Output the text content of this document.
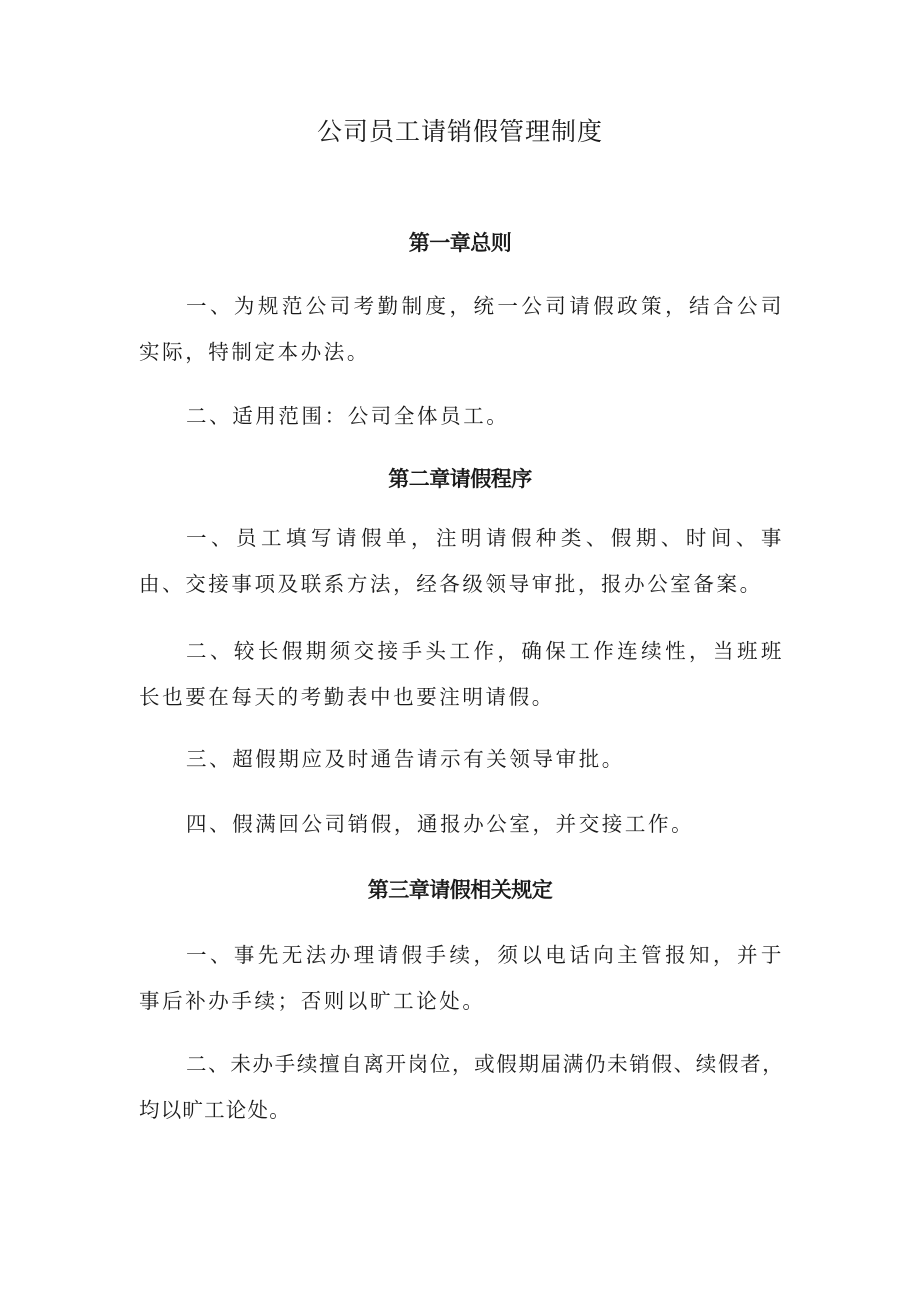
公司员工请销假管理制度
第一章总则

一、为规范公司考勤制度，统一公司请假政策，结合公司实际，特制定本办法。

二、适用范围：公司全体员工。

第二章请假程序

一、员工填写请假单，注明请假种类、假期、时间、事由、交接事项及联系方法，经各级领导审批，报办公室备案。

二、较长假期须交接手头工作，确保工作连续性，当班班长也要在每天的考勤表中也要注明请假。

三、超假期应及时通告请示有关领导审批。

四、假满回公司销假，通报办公室，并交接工作。

第三章请假相关规定

一、事先无法办理请假手续，须以电话向主管报知，并于事后补办手续；否则以旷工论处。

二、未办手续擅自离开岗位，或假期届满仍未销假、续假者，均以旷工论处。
